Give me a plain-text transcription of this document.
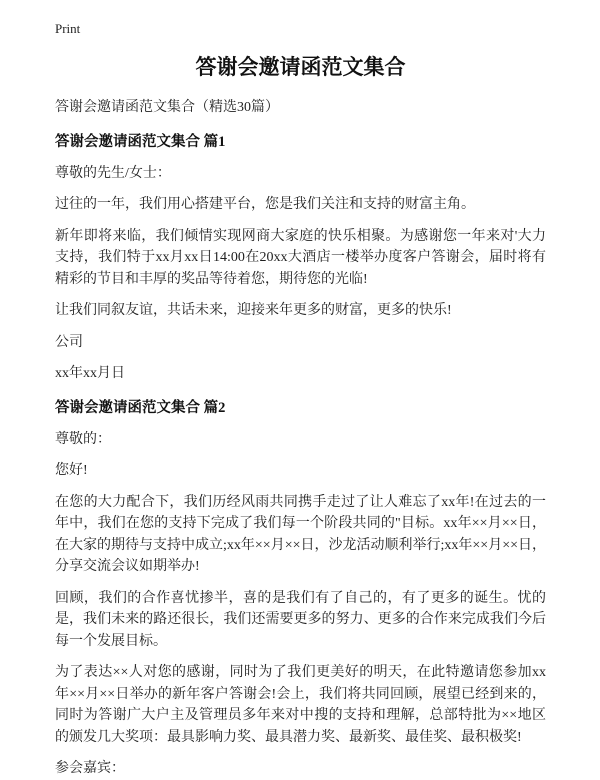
Print
答谢会邀请函范文集合

答谢会邀请函范文集合（精选30篇）

答谢会邀请函范文集合 篇1

尊敬的先生/女士：

过往的一年，我们用心搭建平台，您是我们关注和支持的财富主角。

新年即将来临，我们倾情实现网商大家庭的快乐相聚。为感谢您一年来对'大力支持，我们特于xx月xx日14:00在20xx大酒店一楼举办度客户答谢会，届时将有精彩的节目和丰厚的奖品等待着您，期待您的光临!

让我们同叙友谊，共话未来，迎接来年更多的财富，更多的快乐!

公司

xx年xx月日

答谢会邀请函范文集合 篇2

尊敬的：

您好!

在您的大力配合下，我们历经风雨共同携手走过了让人难忘了xx年!在过去的一年中，我们在您的支持下完成了我们每一个阶段共同的"目标。xx年××月××日，在大家的期待与支持中成立;xx年××月××日，沙龙活动顺利举行;xx年××月××日，分享交流会议如期举办!

回顾，我们的合作喜忧掺半，喜的是我们有了自己的，有了更多的诞生。忧的是，我们未来的路还很长，我们还需要更多的努力、更多的合作来完成我们今后每一个发展目标。

为了表达××人对您的感谢，同时为了我们更美好的明天，在此特邀请您参加xx年××月××日举办的新年客户答谢会!会上，我们将共同回顾，展望已经到来的，同时为答谢广大户主及管理员多年来对中搜的支持和理解，总部特批为××地区的颁发几大奖项：最具影响力奖、最具潜力奖、最新奖、最佳奖、最积极奖!

参会嘉宾：
